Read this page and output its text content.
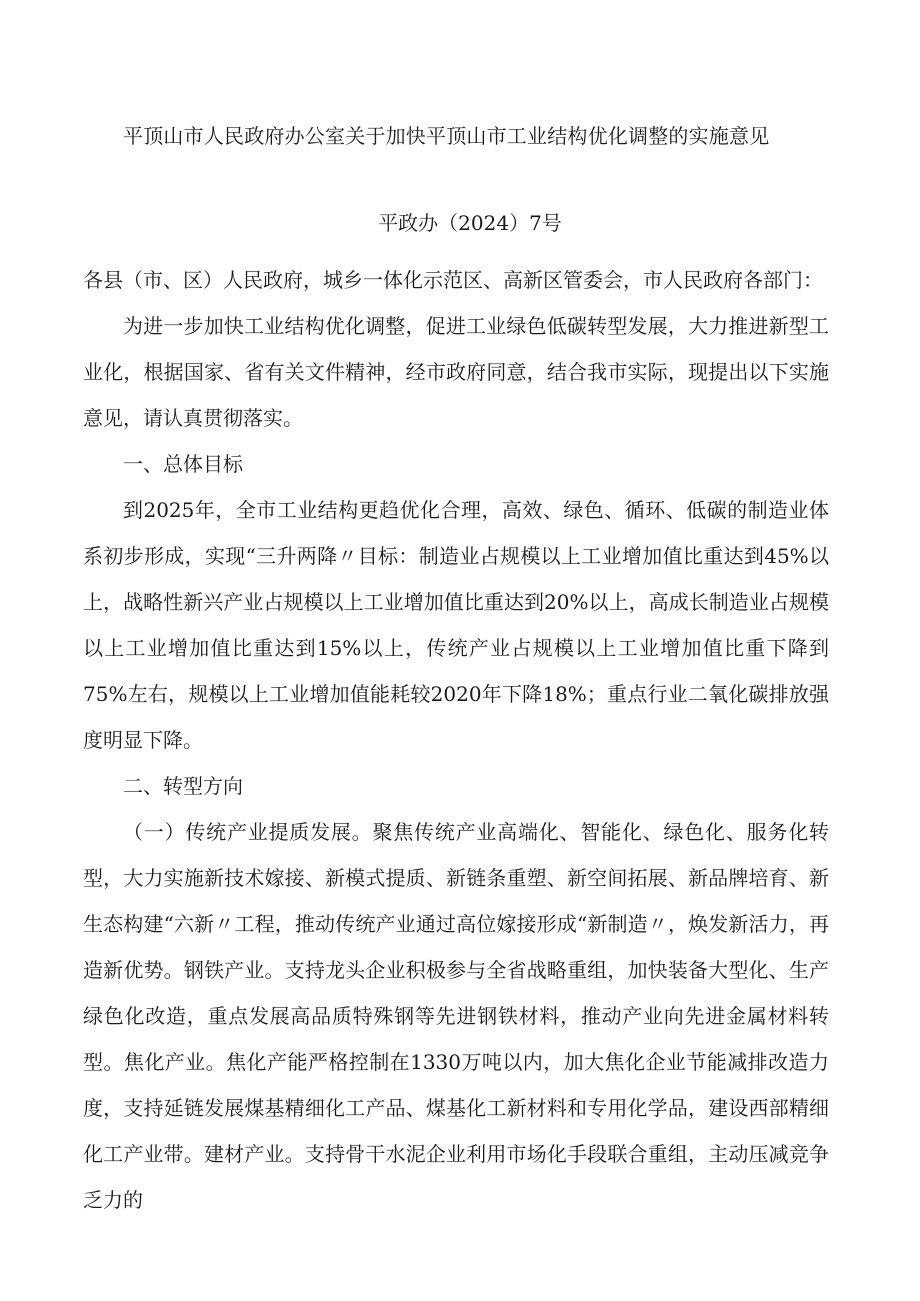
平顶山市人民政府办公室关于加快平顶山市工业结构优化调整的实施意见
平政办（2024）7号

各县（市、区）人民政府，城乡一体化示范区、高新区管委会，市人民政府各部门：

为进一步加快工业结构优化调整，促进工业绿色低碳转型发展，大力推进新型工业化，根据国家、省有关文件精神，经市政府同意，结合我市实际，现提出以下实施意见，请认真贯彻落实。

一、总体目标

到2025年，全市工业结构更趋优化合理，高效、绿色、循环、低碳的制造业体系初步形成，实现“三升两降〃目标：制造业占规模以上工业增加值比重达到45%以上，战略性新兴产业占规模以上工业增加值比重达到20%以上，高成长制造业占规模以上工业增加值比重达到15%以上，传统产业占规模以上工业增加值比重下降到75%左右，规模以上工业增加值能耗较2020年下降18%；重点行业二氧化碳排放强度明显下降。

二、转型方向

（一）传统产业提质发展。聚焦传统产业高端化、智能化、绿色化、服务化转型，大力实施新技术嫁接、新模式提质、新链条重塑、新空间拓展、新品牌培育、新生态构建“六新〃工程，推动传统产业通过高位嫁接形成“新制造〃，焕发新活力，再造新优势。钢铁产业。支持龙头企业积极参与全省战略重组，加快装备大型化、生产绿色化改造，重点发展高品质特殊钢等先进钢铁材料，推动产业向先进金属材料转型。焦化产业。焦化产能严格控制在1330万吨以内，加大焦化企业节能减排改造力度，支持延链发展煤基精细化工产品、煤基化工新材料和专用化学品，建设西部精细化工产业带。建材产业。支持骨干水泥企业利用市场化手段联合重组，主动压减竞争乏力的
